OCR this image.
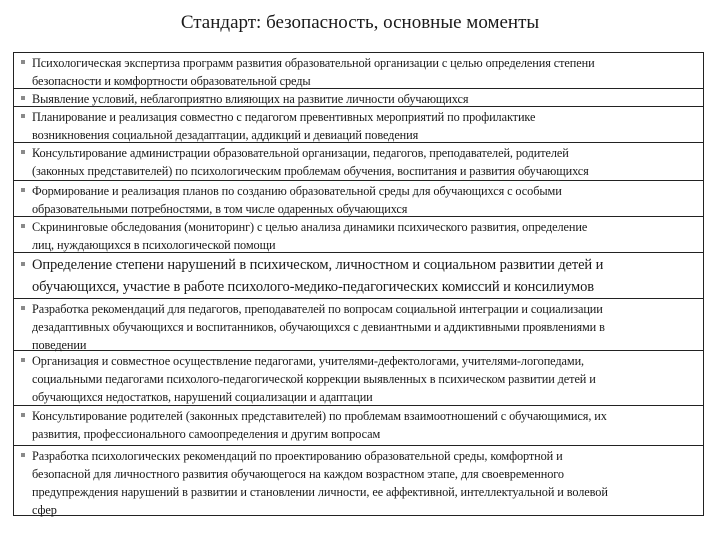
Стандарт: безопасность, основные моменты
Психологическая экспертиза программ развития образовательной организации с целью определения степени
безопасности и комфортности образовательной среды
Выявление условий, неблагоприятно влияющих на развитие личности обучающихся
Планирование и реализация совместно с педагогом превентивных мероприятий по профилактике
возникновения социальной дезадаптации, аддикций и девиаций поведения
Консультирование администрации образовательной организации, педагогов, преподавателей, родителей
(законных представителей) по психологическим проблемам обучения, воспитания и развития обучающихся
Формирование и реализация планов по созданию образовательной среды для обучающихся с особыми
образовательными потребностями, в том числе одаренных обучающихся
Скрининговые обследования (мониторинг) с целью анализа динамики психического развития, определение
лиц, нуждающихся в психологической помощи
Определение степени нарушений в психическом, личностном и социальном развитии детей и
обучающихся, участие в работе психолого-медико-педагогических комиссий и консилиумов
Разработка рекомендаций для педагогов, преподавателей по вопросам социальной интеграции и социализации
дезадаптивных обучающихся и воспитанников, обучающихся с девиантными и аддиктивными проявлениями в
поведении
Организация и совместное осуществление педагогами, учителями-дефектологами, учителями-логопедами,
социальными педагогами психолого-педагогической коррекции выявленных в психическом развитии детей и
обучающихся недостатков, нарушений социализации и адаптации
Консультирование родителей (законных представителей) по проблемам взаимоотношений с обучающимися, их
развития, профессионального самоопределения и другим вопросам
Разработка психологических рекомендаций по проектированию образовательной среды, комфортной и
безопасной для личностного развития обучающегося на каждом возрастном этапе, для своевременного
предупреждения нарушений в развитии и становлении личности, ее аффективной, интеллектуальной и волевой
сфер
